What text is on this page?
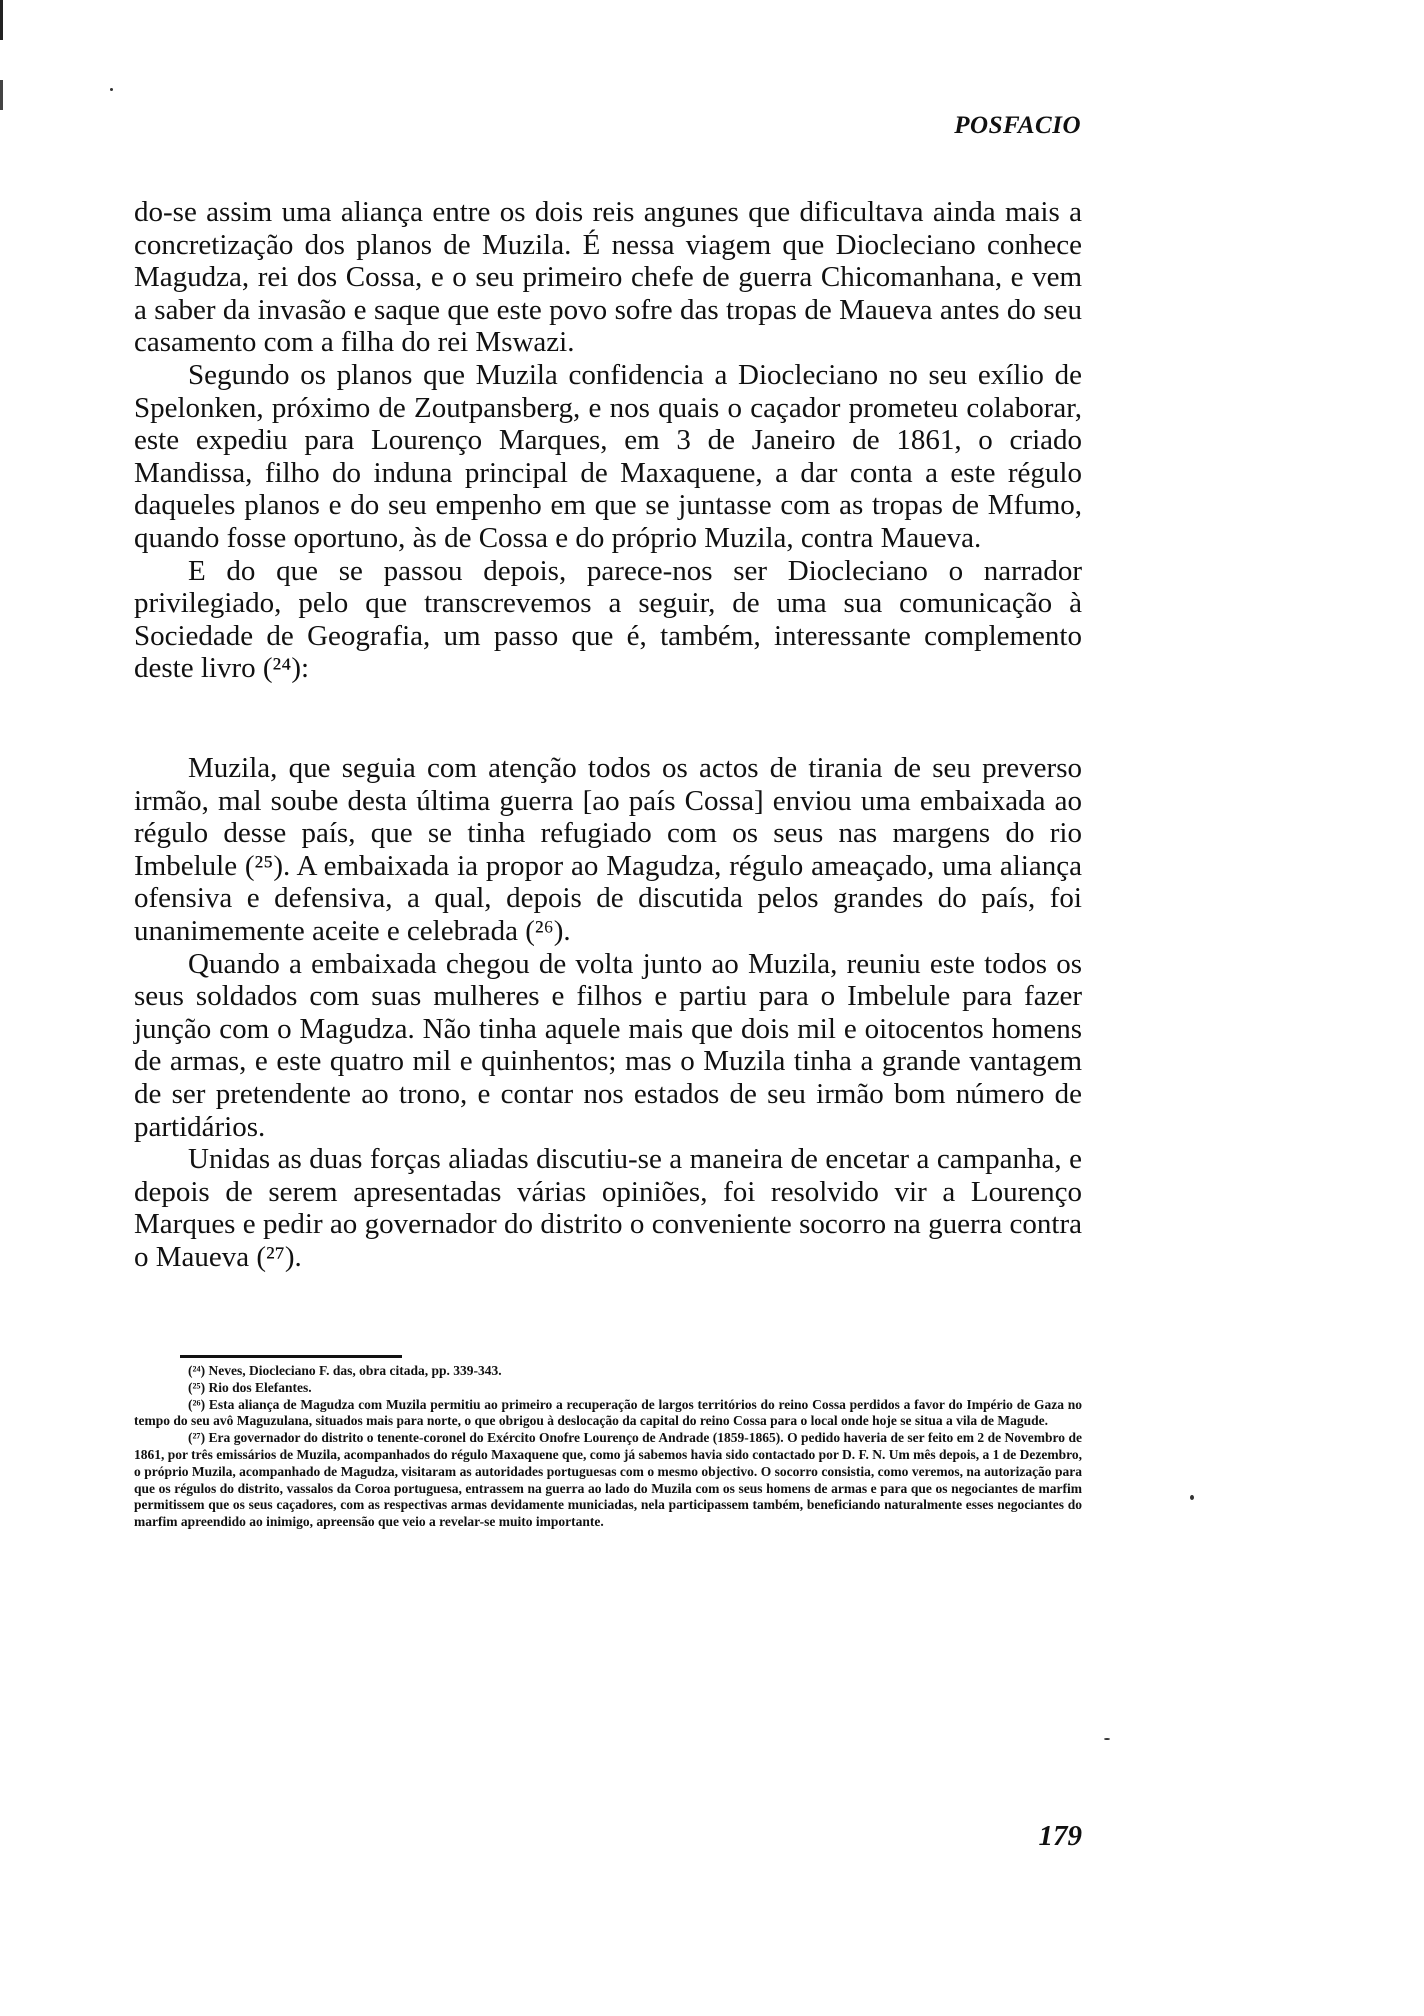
POSFACIO

do-se assim uma aliança entre os dois reis angunes que dificultava ainda mais a concretização dos planos de Muzila. É nessa viagem que Diocleciano conhece Magudza, rei dos Cossa, e o seu primeiro chefe de guerra Chicomanhana, e vem a saber da invasão e saque que este povo sofre das tropas de Maueva antes do seu casamento com a filha do rei Mswazi.

Segundo os planos que Muzila confidencia a Diocleciano no seu exílio de Spelonken, próximo de Zoutpansberg, e nos quais o caçador prometeu colaborar, este expediu para Lourenço Marques, em 3 de Janeiro de 1861, o criado Mandissa, filho do induna principal de Maxaquene, a dar conta a este régulo daqueles planos e do seu empenho em que se juntasse com as tropas de Mfumo, quando fosse oportuno, às de Cossa e do próprio Muzila, contra Maueva.

E do que se passou depois, parece-nos ser Diocleciano o narrador privilegiado, pelo que transcrevemos a seguir, de uma sua comunicação à Sociedade de Geografia, um passo que é, também, interessante complemento deste livro (²⁴):

Muzila, que seguia com atenção todos os actos de tirania de seu preverso irmão, mal soube desta última guerra [ao país Cossa] enviou uma embaixada ao régulo desse país, que se tinha refugiado com os seus nas margens do rio Imbelule (²⁵). A embaixada ia propor ao Magudza, régulo ameaçado, uma aliança ofensiva e defensiva, a qual, depois de discutida pelos grandes do país, foi unanimemente aceite e celebrada (²⁶).

Quando a embaixada chegou de volta junto ao Muzila, reuniu este todos os seus soldados com suas mulheres e filhos e partiu para o Imbelule para fazer junção com o Magudza. Não tinha aquele mais que dois mil e oitocentos homens de armas, e este quatro mil e quinhentos; mas o Muzila tinha a grande vantagem de ser pretendente ao trono, e contar nos estados de seu irmão bom número de partidários.

Unidas as duas forças aliadas discutiu-se a maneira de encetar a campanha, e depois de serem apresentadas várias opiniões, foi resolvido vir a Lourenço Marques e pedir ao governador do distrito o conveniente socorro na guerra contra o Maueva (²⁷).

(²⁴) Neves, Diocleciano F. das, obra citada, pp. 339-343.

(²⁵) Rio dos Elefantes.

(²⁶) Esta aliança de Magudza com Muzila permitiu ao primeiro a recuperação de largos territórios do reino Cossa perdidos a favor do Império de Gaza no tempo do seu avô Maguzulana, situados mais para norte, o que obrigou à deslocação da capital do reino Cossa para o local onde hoje se situa a vila de Magude.

(²⁷) Era governador do distrito o tenente-coronel do Exército Onofre Lourenço de Andrade (1859-1865). O pedido haveria de ser feito em 2 de Novembro de 1861, por três emissários de Muzila, acompanhados do régulo Maxaquene que, como já sabemos havia sido contactado por D. F. N. Um mês depois, a 1 de Dezembro, o próprio Muzila, acompanhado de Magudza, visitaram as autoridades portuguesas com o mesmo objectivo. O socorro consistia, como veremos, na autorização para que os régulos do distrito, vassalos da Coroa portuguesa, entrassem na guerra ao lado do Muzila com os seus homens de armas e para que os negociantes de marfim permitissem que os seus caçadores, com as respectivas armas devidamente municiadas, nela participassem também, beneficiando naturalmente esses negociantes do marfim apreendido ao inimigo, apreensão que veio a revelar-se muito importante.

179
